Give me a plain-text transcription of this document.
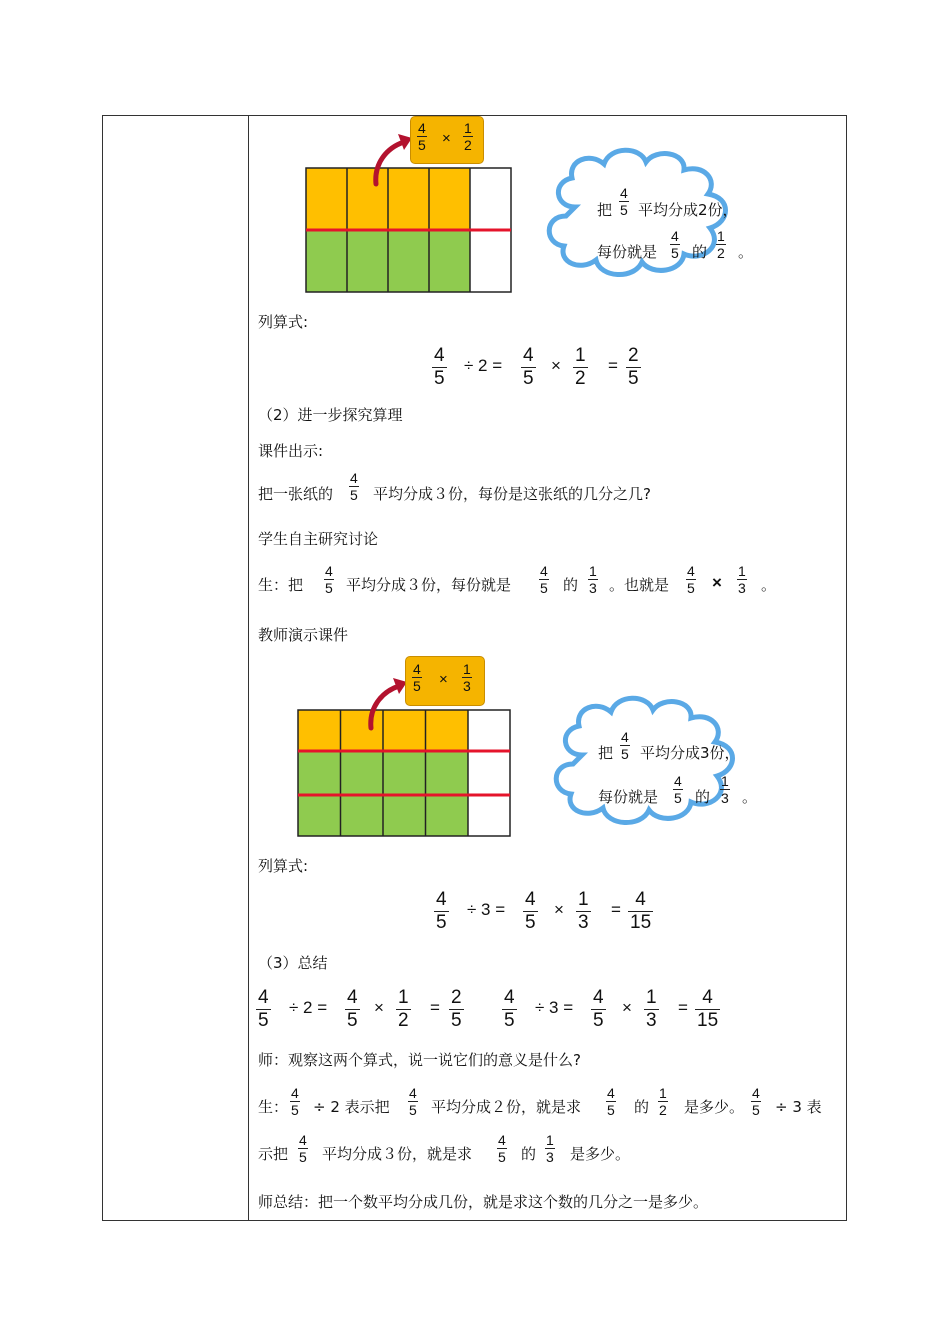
4
5 ×
1
2
把
4
5 平均分成2份，
每份就是
4
5 的
1
2 。
列算式:
4
5
÷ 2 = 4
5
× 1
2
= 2
5
（2）进一步探究算理
课件出示:
把一张纸的
4
5 平均分成３份，每份是这张纸的几分之几?
学生自主研究讨论
生：把
4
5 平均分成３份，每份就是
4
5 的
1
3 。也就是
4
5 ×
1
3 。
教师演示课件
4
5 ×
1
3
把
4
5 平均分成3份，
每份就是
4
5 的
1
3 。
列算式:
4
5
÷ 3 = 4
5
× 1
3
= 4
15
（3）总结
4
5
÷ 2 = 4
5
× 1
2
= 2
5
4
5
÷ 3 = 4
5
× 1
3
= 4
15
师：观察这两个算式，说一说它们的意义是什么?
生：
4
5 ÷ 2 表示把
4
5 平均分成２份，就是求
4
5 的
1
2 是多少。
4
5 ÷ 3 表
示把
4
5 平均分成３份，就是求
4
5 的
1
3 是多少。
师总结：把一个数平均分成几份，就是求这个数的几分之一是多少。
